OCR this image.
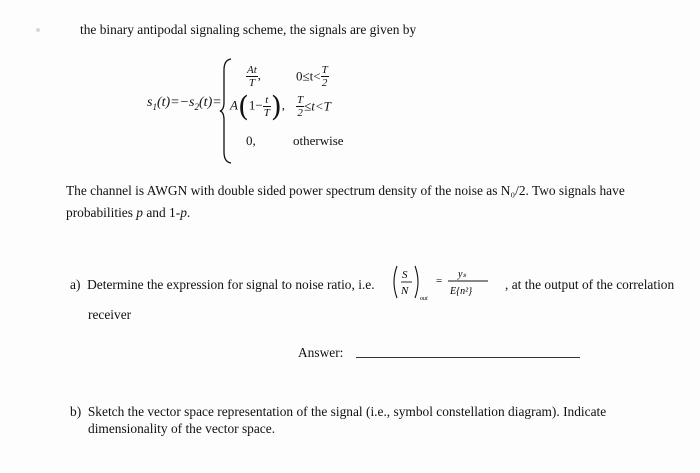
the binary antipodal signaling scheme, the signals are given by
$s_1(t)=-s_2(t)=$
$\frac{At}{T}$ ,	$0\le t< \frac{T}{2}$
$A(1- \frac{t}{T}$ ), $\frac{T}{2} \le t<T$
0,	otherwise
The channel is AWGN with double sided power spectrum density of the noise as N₀/2. Two signals have
probabilities p and 1-p.
a) Determine the expression for signal to noise ratio, i.e.
S
N
out
=
yₛ
E{n²} , at the output of the correlation
receiver
Answer:
b) Sketch the vector space representation of the signal (i.e., symbol constellation diagram). Indicate
dimensionality of the vector space.
